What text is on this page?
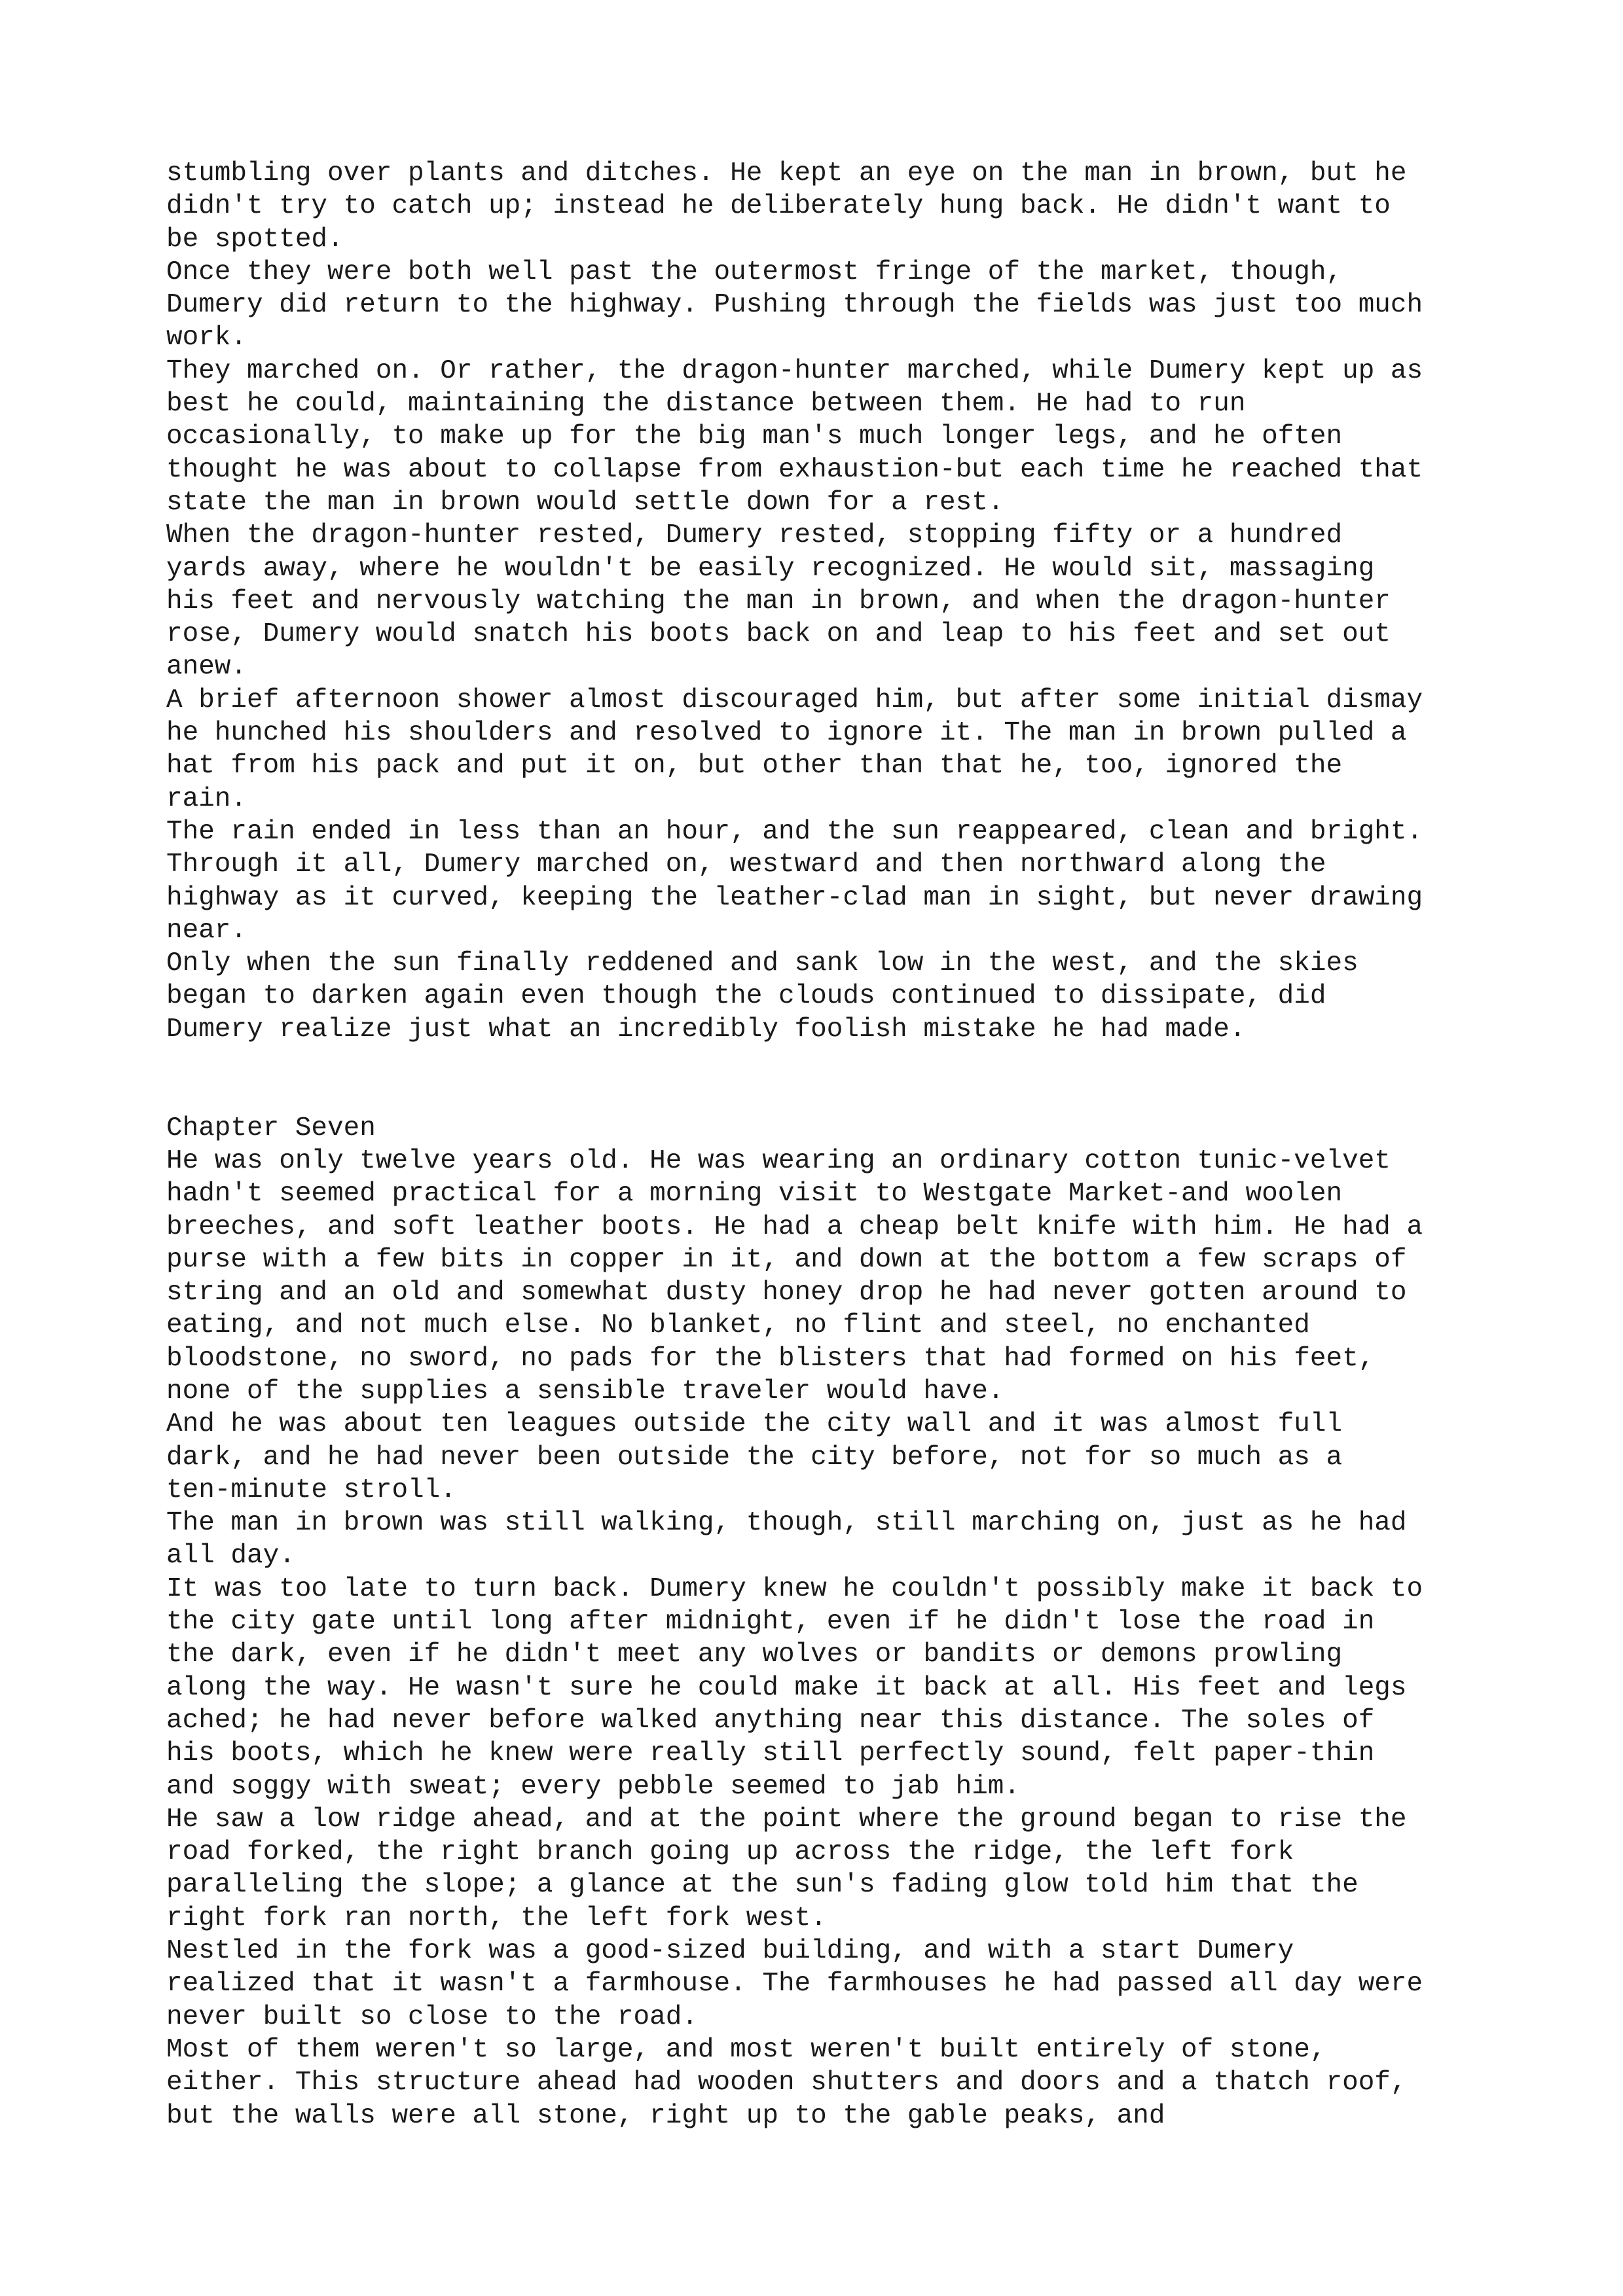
stumbling over plants and ditches. He kept an eye on the man in brown, but he
didn't try to catch up; instead he deliberately hung back. He didn't want to
be spotted.

Once they were both well past the outermost fringe of the market, though,
Dumery did return to the highway. Pushing through the fields was just too much
work.

They marched on. Or rather, the dragon-hunter marched, while Dumery kept up as
best he could, maintaining the distance between them. He had to run
occasionally, to make up for the big man's much longer legs, and he often
thought he was about to collapse from exhaustion-but each time he reached that
state the man in brown would settle down for a rest.

When the dragon-hunter rested, Dumery rested, stopping fifty or a hundred
yards away, where he wouldn't be easily recognized. He would sit, massaging
his feet and nervously watching the man in brown, and when the dragon-hunter
rose, Dumery would snatch his boots back on and leap to his feet and set out
anew.

A brief afternoon shower almost discouraged him, but after some initial dismay
he hunched his shoulders and resolved to ignore it. The man in brown pulled a
hat from his pack and put it on, but other than that he, too, ignored the
rain.

The rain ended in less than an hour, and the sun reappeared, clean and bright.
Through it all, Dumery marched on, westward and then northward along the
highway as it curved, keeping the leather-clad man in sight, but never drawing
near.

Only when the sun finally reddened and sank low in the west, and the skies
began to darken again even though the clouds continued to dissipate, did
Dumery realize just what an incredibly foolish mistake he had made.

Chapter Seven

He was only twelve years old. He was wearing an ordinary cotton tunic-velvet
hadn't seemed practical for a morning visit to Westgate Market-and woolen
breeches, and soft leather boots. He had a cheap belt knife with him. He had a
purse with a few bits in copper in it, and down at the bottom a few scraps of
string and an old and somewhat dusty honey drop he had never gotten around to
eating, and not much else. No blanket, no flint and steel, no enchanted
bloodstone, no sword, no pads for the blisters that had formed on his feet,
none of the supplies a sensible traveler would have.

And he was about ten leagues outside the city wall and it was almost full
dark, and he had never been outside the city before, not for so much as a
ten-minute stroll.

The man in brown was still walking, though, still marching on, just as he had
all day.

It was too late to turn back. Dumery knew he couldn't possibly make it back to
the city gate until long after midnight, even if he didn't lose the road in
the dark, even if he didn't meet any wolves or bandits or demons prowling
along the way. He wasn't sure he could make it back at all. His feet and legs
ached; he had never before walked anything near this distance. The soles of
his boots, which he knew were really still perfectly sound, felt paper-thin
and soggy with sweat; every pebble seemed to jab him.

He saw a low ridge ahead, and at the point where the ground began to rise the
road forked, the right branch going up across the ridge, the left fork
paralleling the slope; a glance at the sun's fading glow told him that the
right fork ran north, the left fork west.

Nestled in the fork was a good-sized building, and with a start Dumery
realized that it wasn't a farmhouse. The farmhouses he had passed all day were
never built so close to the road.

Most of them weren't so large, and most weren't built entirely of stone,
either. This structure ahead had wooden shutters and doors and a thatch roof,
but the walls were all stone, right up to the gable peaks, and
